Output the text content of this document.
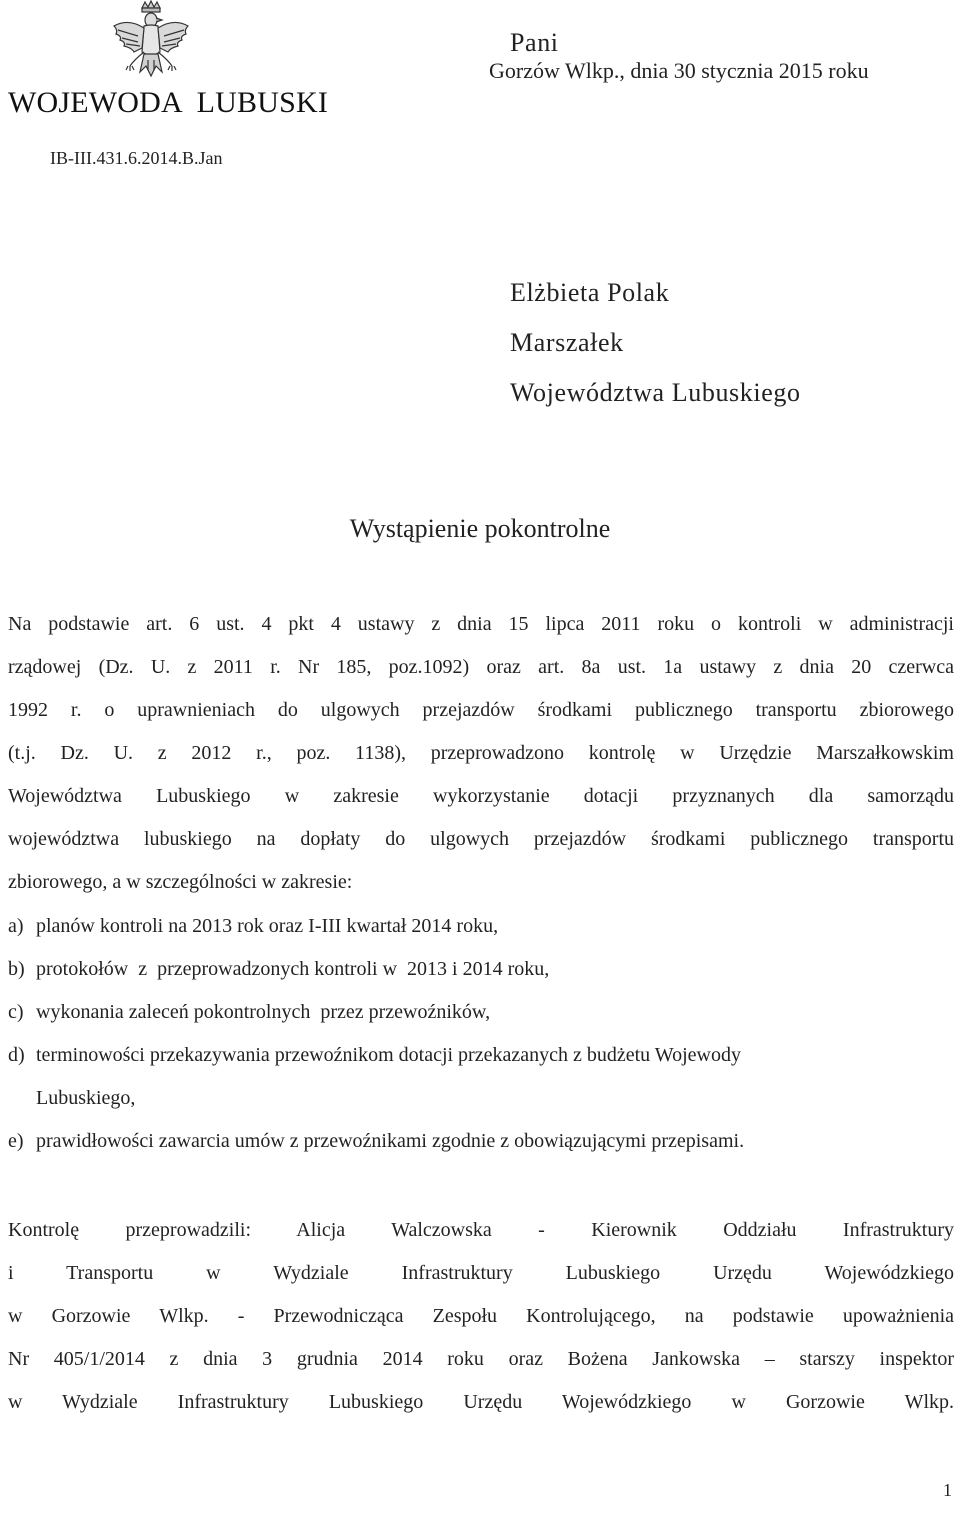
WOJEWODA  LUBUSKI
Gorzów Wlkp., dnia 30 stycznia 2015 roku
IB-III.431.6.2014.B.Jan
Pani
Elżbieta Polak
Marszałek
Województwa Lubuskiego
Wystąpienie pokontrolne
Na podstawie art. 6 ust. 4 pkt 4 ustawy z dnia 15 lipca 2011 roku o kontroli w administracji
rządowej (Dz. U. z 2011 r. Nr 185, poz.1092) oraz art. 8a ust. 1a ustawy z dnia 20 czerwca
1992 r. o uprawnieniach do ulgowych przejazdów środkami publicznego transportu zbiorowego
(t.j. Dz. U. z 2012 r., poz. 1138), przeprowadzono kontrolę w Urzędzie Marszałkowskim
Województwa Lubuskiego w zakresie wykorzystanie dotacji przyznanych dla samorządu
województwa lubuskiego na dopłaty do ulgowych przejazdów środkami publicznego transportu
zbiorowego, a w szczególności w zakresie:
a) planów kontroli na 2013 rok oraz I-III kwartał 2014 roku,
b) protokołów  z  przeprowadzonych kontroli w  2013 i 2014 roku,
c) wykonania zaleceń pokontrolnych  przez przewoźników,
d) terminowości przekazywania przewoźnikom dotacji przekazanych z budżetu Wojewody
Lubuskiego,
e) prawidłowości zawarcia umów z przewoźnikami zgodnie z obowiązującymi przepisami.
Kontrolę przeprowadzili: Alicja Walczowska - Kierownik Oddziału Infrastruktury
i Transportu w Wydziale Infrastruktury Lubuskiego Urzędu Wojewódzkiego
w Gorzowie Wlkp. - Przewodnicząca Zespołu Kontrolującego, na podstawie upoważnienia
Nr 405/1/2014 z dnia 3 grudnia 2014 roku oraz Bożena Jankowska – starszy inspektor
w Wydziale Infrastruktury Lubuskiego Urzędu Wojewódzkiego w Gorzowie Wlkp.
1
